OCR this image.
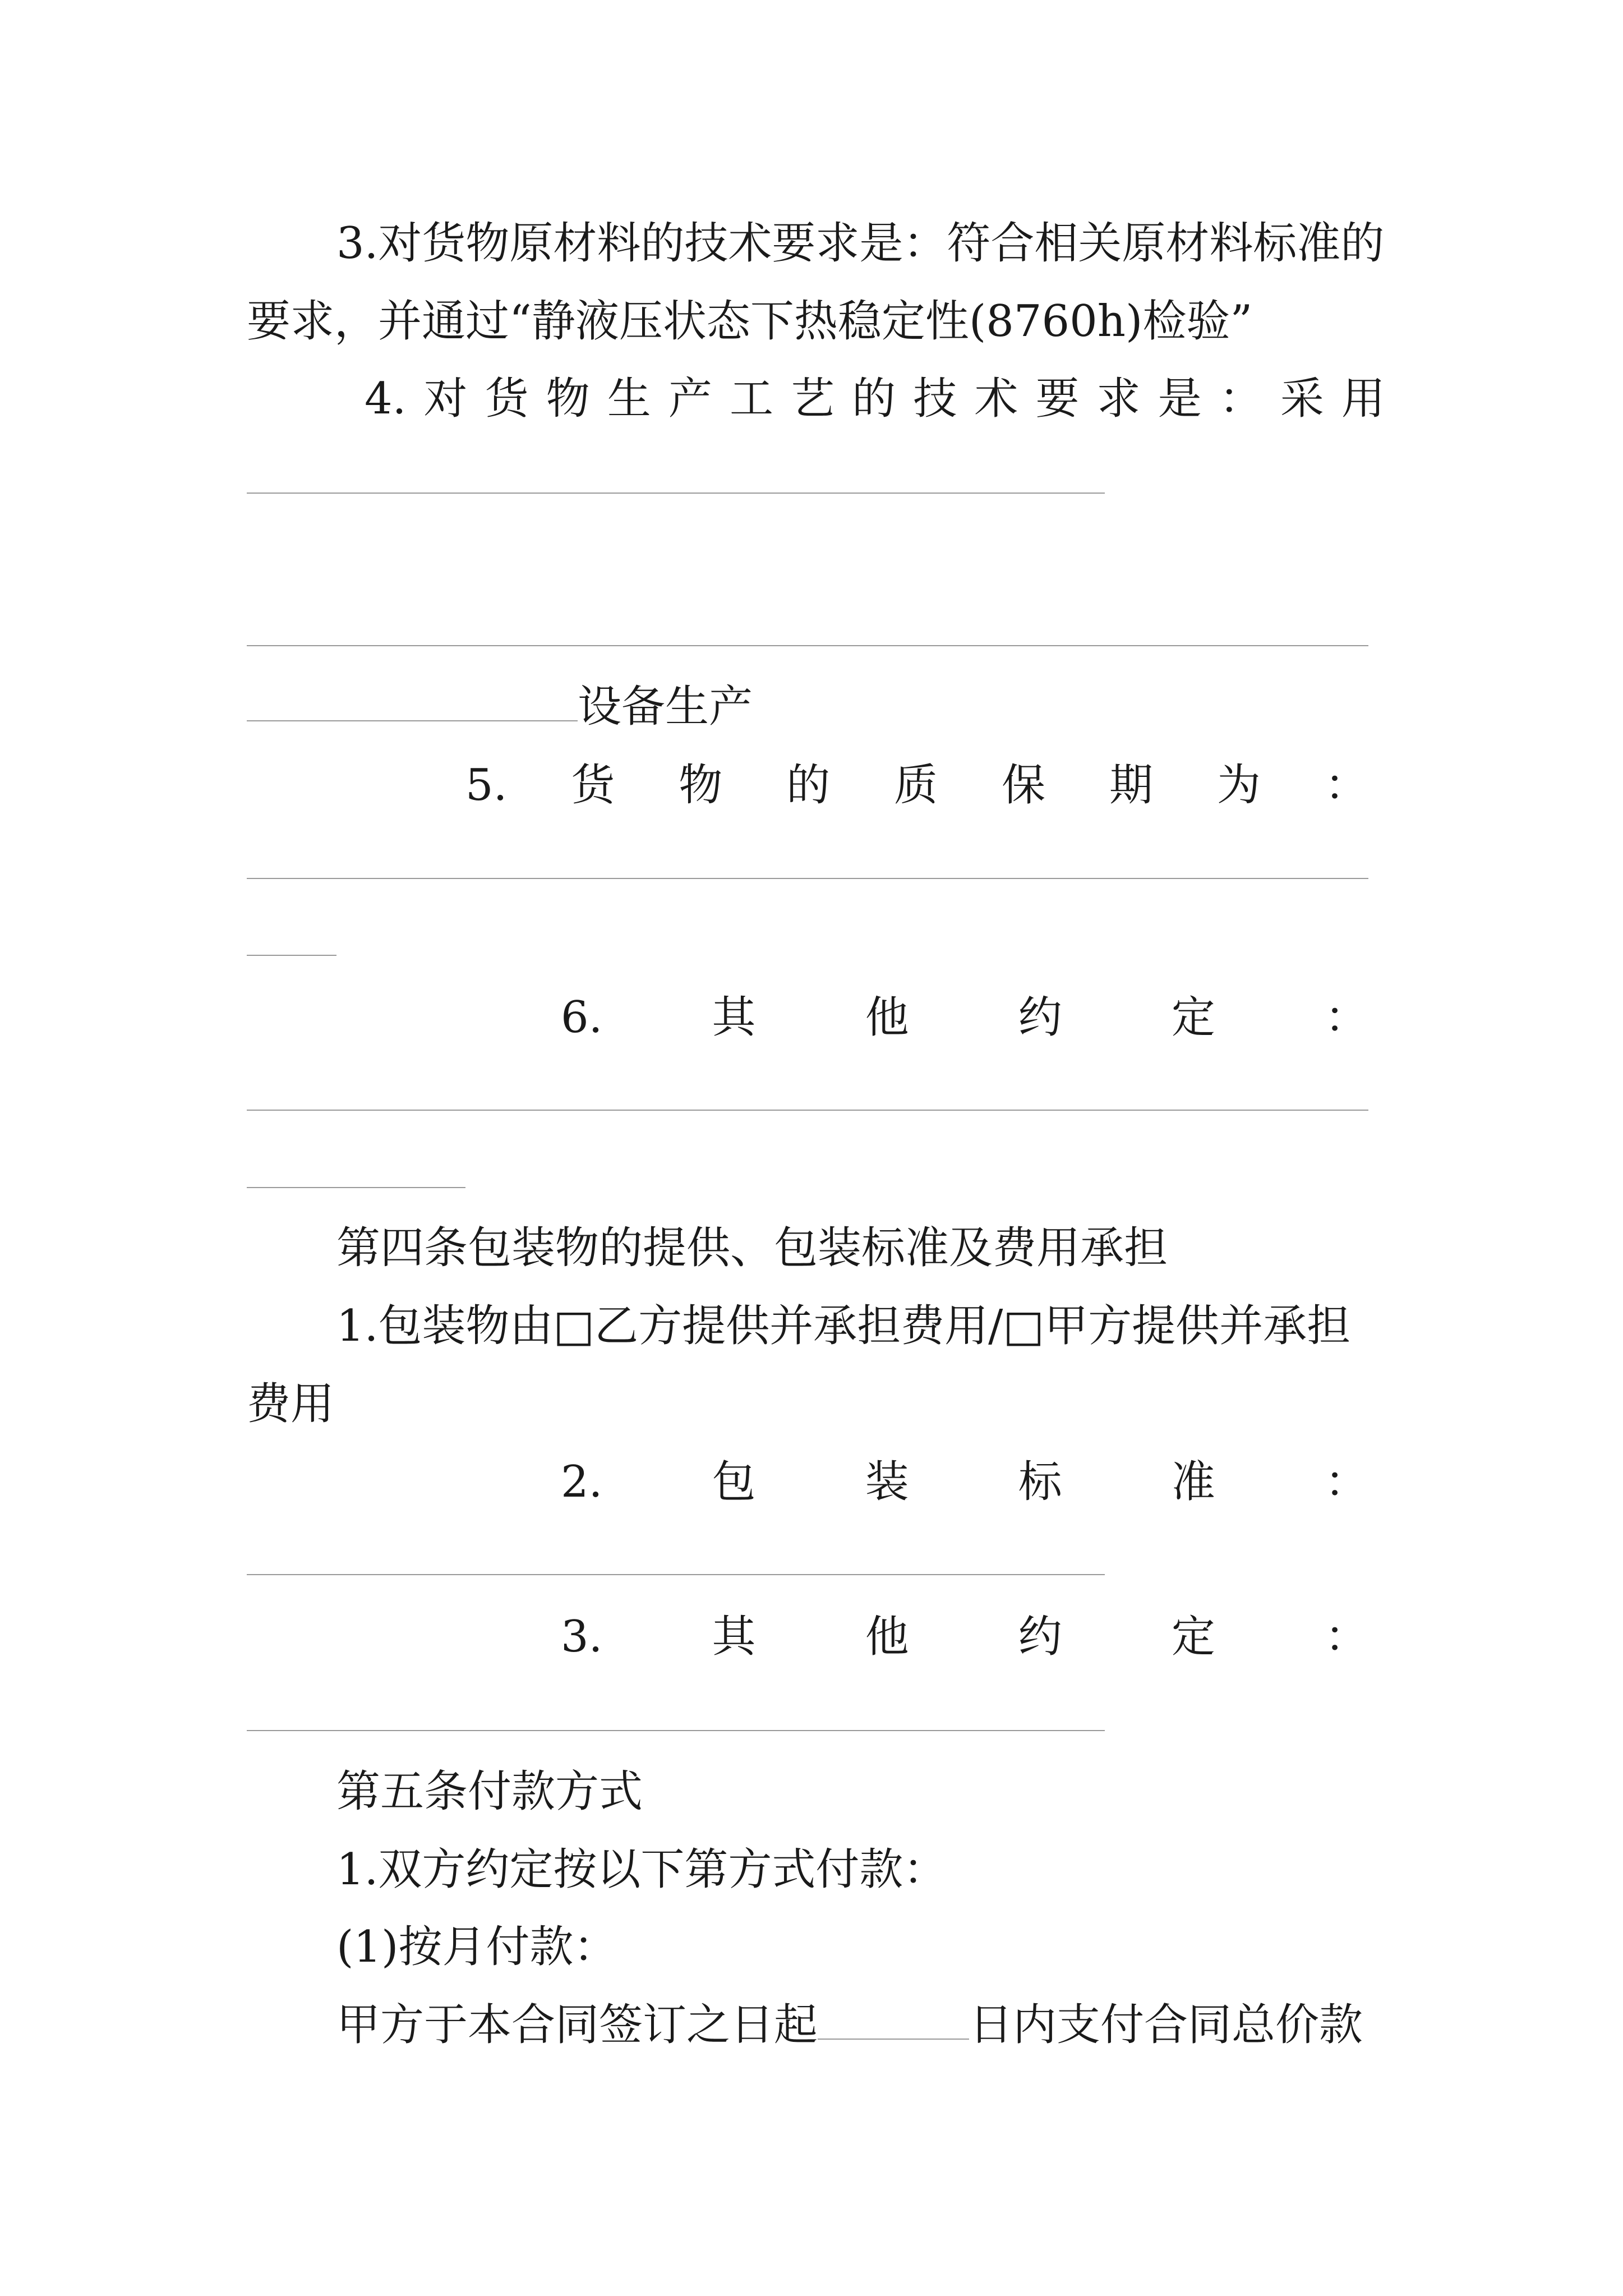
3.对货物原材料的技术要求是：符合相关原材料标准的
要求，并通过“静液压状态下热稳定性(8760h)检验”
4. 对 货 物 生 产 工 艺 的 技 术 要 求 是 ： 采 用
设备生产
5. 货 物 的 质 保 期 为 ：
6.	其	他	约	定	：
第四条包装物的提供、包装标准及费用承担
1.包装物由□乙方提供并承担费用/□甲方提供并承担
费用
2.	包	装	标	准	：
3.	其	他	约	定	：
第五条付款方式
1.双方约定按以下第方式付款：
(1)按月付款：
甲方于本合同签订之日起	日内支付合同总价款
